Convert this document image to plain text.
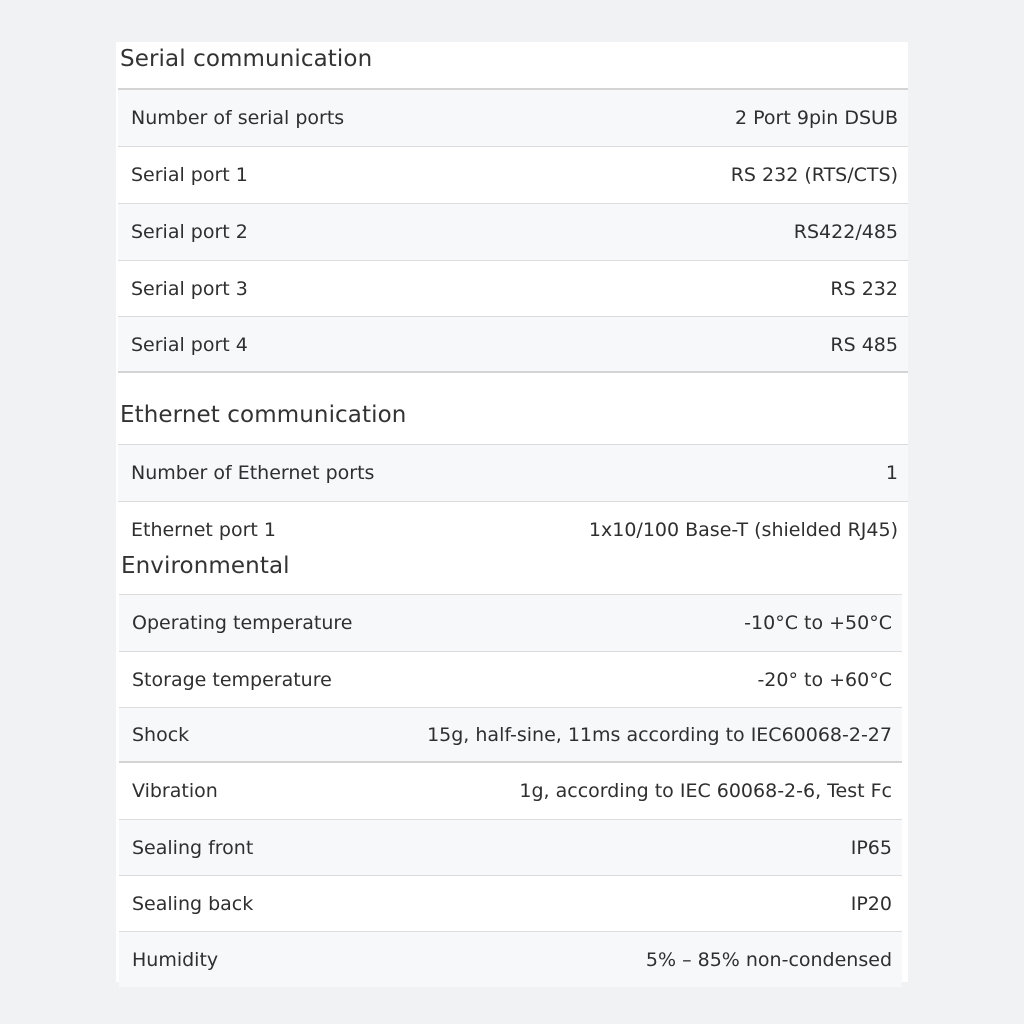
Serial communication
Number of serial ports	2 Port 9pin DSUB
Serial port 1	RS 232 (RTS/CTS)
Serial port 2	RS422/485
Serial port 3	RS 232
Serial port 4	RS 485
Ethernet communication
Number of Ethernet ports	1
Ethernet port 1	1x10/100 Base-T (shielded RJ45)
Environmental
Operating temperature	-10°C to +50°C
Storage temperature	-20° to +60°C
Shock	15g, half-sine, 11ms according to IEC60068-2-27
Vibration	1g, according to IEC 60068-2-6, Test Fc
Sealing front	IP65
Sealing back	IP20
Humidity	5% – 85% non-condensed
